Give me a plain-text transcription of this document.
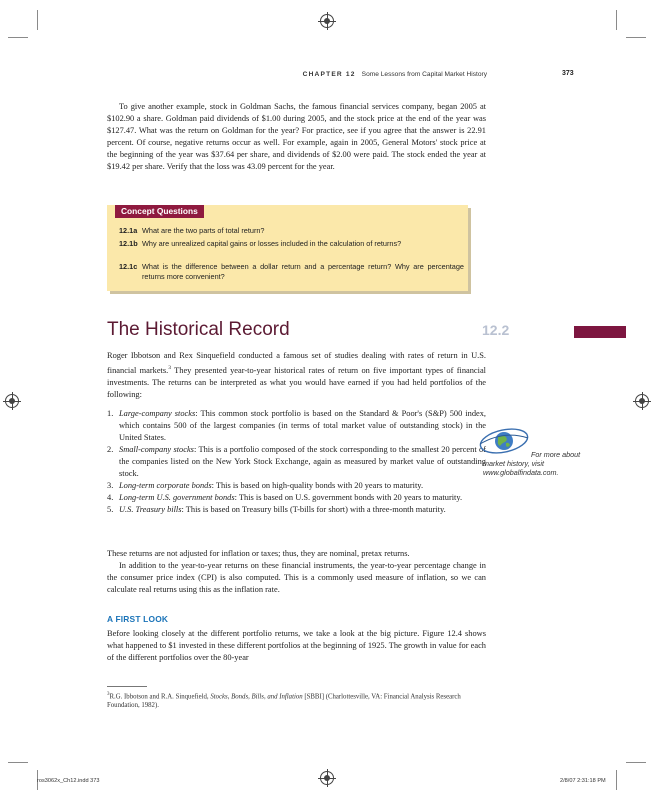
CHAPTER 12 Some Lessons from Capital Market History	373

To give another example, stock in Goldman Sachs, the famous financial services company, began 2005 at $102.90 a share. Goldman paid dividends of $1.00 during 2005, and the stock price at the end of the year was $127.47. What was the return on Goldman for the year? For practice, see if you agree that the answer is 22.91 percent. Of course, negative returns occur as well. For example, again in 2005, General Motors' stock price at the beginning of the year was $37.64 per share, and dividends of $2.00 were paid. The stock ended the year at $19.42 per share. Verify that the loss was 43.09 percent for the year.

Concept Questions
12.1a What are the two parts of total return?
12.1b Why are unrealized capital gains or losses included in the calculation of returns?
12.1c What is the difference between a dollar return and a percentage return? Why are percentage returns more convenient?
The Historical Record	12.2

Roger Ibbotson and Rex Sinquefield conducted a famous set of studies dealing with rates of return in U.S. financial markets.$^3$ They presented year-to-year historical rates of return on five important types of financial investments. The returns can be interpreted as what you would have earned if you had held portfolios of the following:

1. Large-company stocks: This common stock portfolio is based on the Standard & Poor's (S&P) 500 index, which contains 500 of the largest companies (in terms of total market value of outstanding stock) in the United States.
2. Small-company stocks: This is a portfolio composed of the stock corresponding to the smallest 20 percent of the companies listed on the New York Stock Exchange, again as measured by market value of outstanding stock.
3. Long-term corporate bonds: This is based on high-quality bonds with 20 years to maturity.
4. Long-term U.S. government bonds: This is based on U.S. government bonds with 20 years to maturity.
5. U.S. Treasury bills: This is based on Treasury bills (T-bills for short) with a three-month maturity.
For more about
market history, visit
www.globalfindata.com.

These returns are not adjusted for inflation or taxes; thus, they are nominal, pretax returns.

In addition to the year-to-year returns on these financial instruments, the year-to-year percentage change in the consumer price index (CPI) is also computed. This is a commonly used measure of inflation, so we can calculate real returns using this as the inflation rate.

A FIRST LOOK

Before looking closely at the different portfolio returns, we take a look at the big picture. Figure 12.4 shows what happened to $1 invested in these different portfolios at the beginning of 1925. The growth in value for each of the different portfolios over the 80-year

$^3$R.G. Ibbotson and R.A. Sinquefield, Stocks, Bonds, Bills, and Inflation [SBBI] (Charlottesville, VA: Financial Analysis Research Foundation, 1982).
ros3062x_Ch12.indd 373	2/8/07 2:31:18 PM
